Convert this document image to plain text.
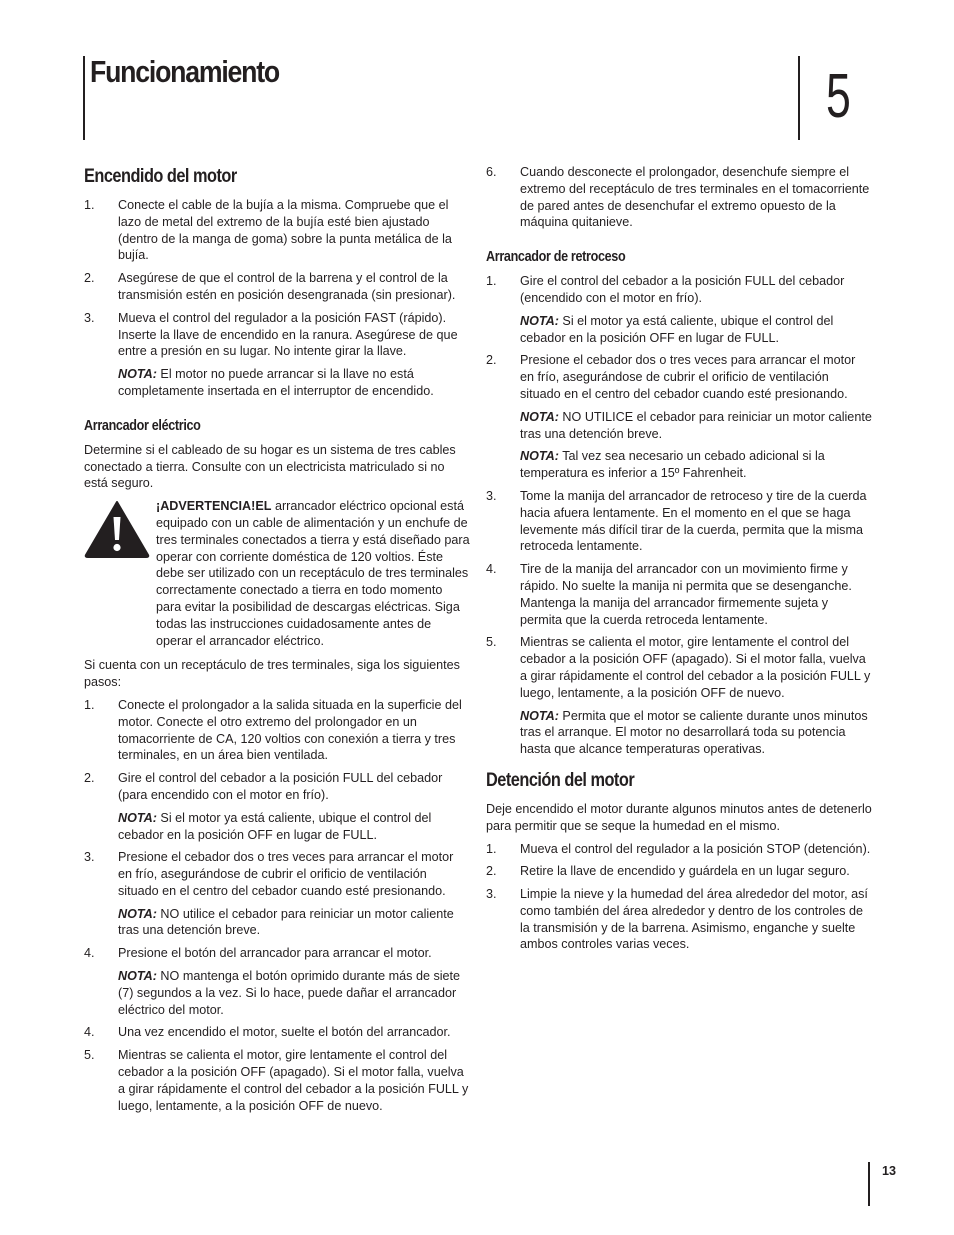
Funcionamiento	5
Encendido del motor
1. Conecte el cable de la bujía a la misma. Compruebe que el lazo de metal del extremo de la bujía esté bien ajustado (dentro de la manga de goma) sobre la punta metálica de la bujía.
2. Asegúrese de que el control de la barrena y el control de la transmisión estén en posición desengranada (sin presionar).
3. Mueva el control del regulador a la posición FAST (rápido). Inserte la llave de encendido en la ranura. Asegúrese de que entre a presión en su lugar. No intente girar la llave.
NOTA: El motor no puede arrancar si la llave no está completamente insertada en el interruptor de encendido.
Arrancador eléctrico
Determine si el cableado de su hogar es un sistema de tres cables conectado a tierra. Consulte con un electricista matriculado si no está seguro.
¡ADVERTENCIA!EL arrancador eléctrico opcional está equipado con un cable de alimentación y un enchufe de tres terminales conectados a tierra y está diseñado para operar con corriente doméstica de 120 voltios. Éste debe ser utilizado con un receptáculo de tres terminales correctamente conectado a tierra en todo momento para evitar la posibilidad de descargas eléctricas. Siga todas las instrucciones cuidadosamente antes de operar el arrancador eléctrico.
Si cuenta con un receptáculo de tres terminales, siga los siguientes pasos:
1. Conecte el prolongador a la salida situada en la superficie del motor. Conecte el otro extremo del prolongador en un tomacorriente de CA, 120 voltios con conexión a tierra y tres terminales, en un área bien ventilada.
2. Gire el control del cebador a la posición FULL del cebador (para encendido con el motor en frío).
NOTA: Si el motor ya está caliente, ubique el control del cebador en la posición OFF en lugar de FULL.
3. Presione el cebador dos o tres veces para arrancar el motor en frío, asegurándose de cubrir el orificio de ventilación situado en el centro del cebador cuando esté presionando.
NOTA: NO utilice el cebador para reiniciar un motor caliente tras una detención breve.
4. Presione el botón del arrancador para arrancar el motor.
NOTA: NO mantenga el botón oprimido durante más de siete (7) segundos a la vez. Si lo hace, puede dañar el arrancador eléctrico del motor.
4. Una vez encendido el motor, suelte el botón del arrancador.
5. Mientras se calienta el motor, gire lentamente el control del cebador a la posición OFF (apagado). Si el motor falla, vuelva a girar rápidamente el control del cebador a la posición FULL y luego, lentamente, a la posición OFF de nuevo.
6. Cuando desconecte el prolongador, desenchufe siempre el extremo del receptáculo de tres terminales en el tomacorriente de pared antes de desenchufar el extremo opuesto de la máquina quitanieve.
Arrancador de retroceso
1. Gire el control del cebador a la posición FULL del cebador (encendido con el motor en frío).
NOTA: Si el motor ya está caliente, ubique el control del cebador en la posición OFF en lugar de FULL.
2. Presione el cebador dos o tres veces para arrancar el motor en frío, asegurándose de cubrir el orificio de ventilación situado en el centro del cebador cuando esté presionando.
NOTA: NO UTILICE el cebador para reiniciar un motor caliente tras una detención breve.
NOTA: Tal vez sea necesario un cebado adicional si la temperatura es inferior a 15º Fahrenheit.
3. Tome la manija del arrancador de retroceso y tire de la cuerda hacia afuera lentamente. En el momento en el que se haga levemente más difícil tirar de la cuerda, permita que la misma retroceda lentamente.
4. Tire de la manija del arrancador con un movimiento firme y rápido. No suelte la manija ni permita que se desenganche. Mantenga la manija del arrancador firmemente sujeta y permita que la cuerda retroceda lentamente.
5. Mientras se calienta el motor, gire lentamente el control del cebador a la posición OFF (apagado). Si el motor falla, vuelva a girar rápidamente el control del cebador a la posición FULL y luego, lentamente, a la posición OFF de nuevo.
NOTA: Permita que el motor se caliente durante unos minutos tras el arranque. El motor no desarrollará toda su potencia hasta que alcance temperaturas operativas.
Detención del motor
Deje encendido el motor durante algunos minutos antes de detenerlo para permitir que se seque la humedad en el mismo.
1. Mueva el control del regulador a la posición STOP (detención).
2. Retire la llave de encendido y guárdela en un lugar seguro.
3. Limpie la nieve y la humedad del área alrededor del motor, así como también del área alrededor y dentro de los controles de la transmisión y de la barrena. Asimismo, enganche y suelte ambos controles varias veces.
13
